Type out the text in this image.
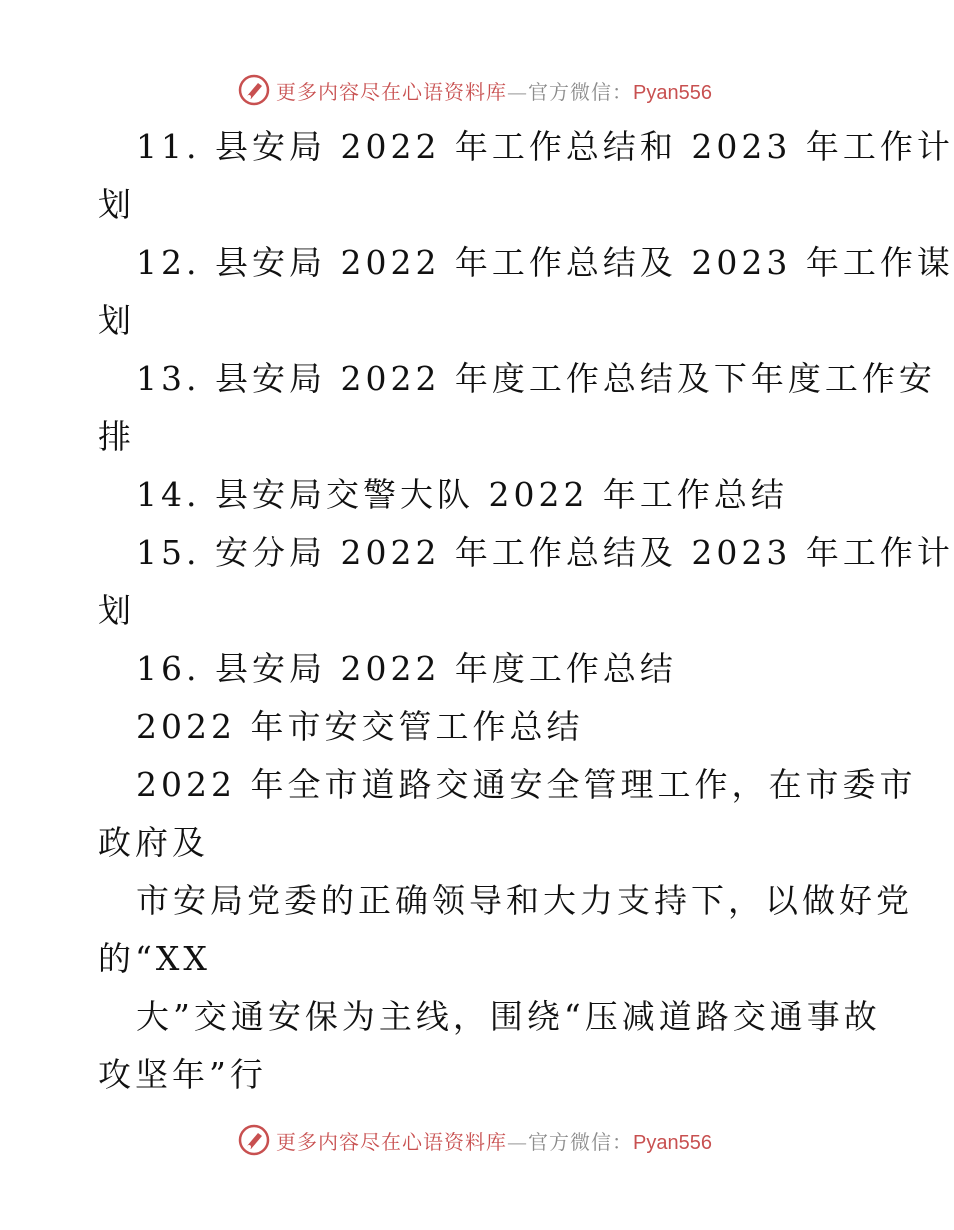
更多内容尽在心语资料库—官方微信：Pyan556
11. 县安局 2022 年工作总结和 2023 年工作计
划
12. 县安局 2022 年工作总结及 2023 年工作谋
划
13. 县安局 2022 年度工作总结及下年度工作安
排
14. 县安局交警大队 2022 年工作总结
15. 安分局 2022 年工作总结及 2023 年工作计
划
16. 县安局 2022 年度工作总结
2022 年市安交管工作总结
2022 年全市道路交通安全管理工作，在市委市
政府及
市安局党委的正确领导和大力支持下，以做好党
的“XX
大”交通安保为主线，围绕“压减道路交通事故
攻坚年”行
更多内容尽在心语资料库—官方微信：Pyan556
